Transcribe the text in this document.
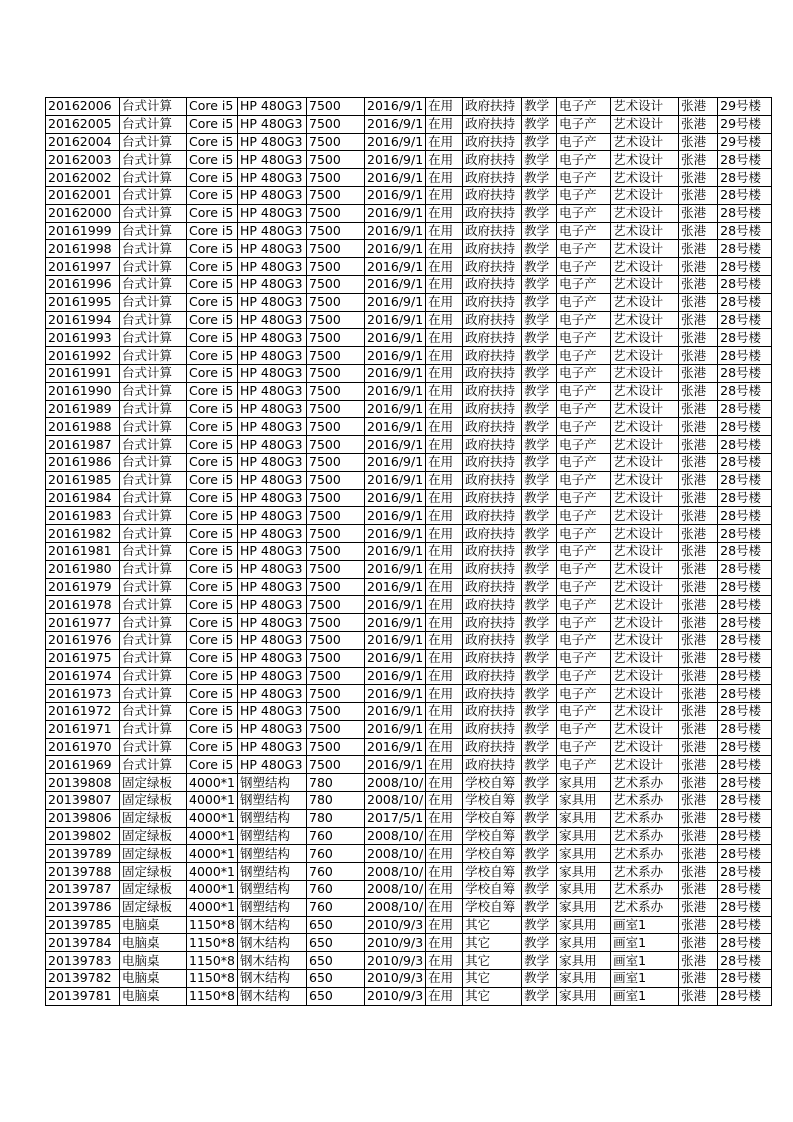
20162006	台式计算	Core i5	HP 480G3	7500	2016/9/1	在用	政府扶持	教学	电子产	艺术设计	张港	29号楼
20162005	台式计算	Core i5	HP 480G3	7500	2016/9/1	在用	政府扶持	教学	电子产	艺术设计	张港	29号楼
20162004	台式计算	Core i5	HP 480G3	7500	2016/9/1	在用	政府扶持	教学	电子产	艺术设计	张港	29号楼
20162003	台式计算	Core i5	HP 480G3	7500	2016/9/1	在用	政府扶持	教学	电子产	艺术设计	张港	28号楼
20162002	台式计算	Core i5	HP 480G3	7500	2016/9/1	在用	政府扶持	教学	电子产	艺术设计	张港	28号楼
20162001	台式计算	Core i5	HP 480G3	7500	2016/9/1	在用	政府扶持	教学	电子产	艺术设计	张港	28号楼
20162000	台式计算	Core i5	HP 480G3	7500	2016/9/1	在用	政府扶持	教学	电子产	艺术设计	张港	28号楼
20161999	台式计算	Core i5	HP 480G3	7500	2016/9/1	在用	政府扶持	教学	电子产	艺术设计	张港	28号楼
20161998	台式计算	Core i5	HP 480G3	7500	2016/9/1	在用	政府扶持	教学	电子产	艺术设计	张港	28号楼
20161997	台式计算	Core i5	HP 480G3	7500	2016/9/1	在用	政府扶持	教学	电子产	艺术设计	张港	28号楼
20161996	台式计算	Core i5	HP 480G3	7500	2016/9/1	在用	政府扶持	教学	电子产	艺术设计	张港	28号楼
20161995	台式计算	Core i5	HP 480G3	7500	2016/9/1	在用	政府扶持	教学	电子产	艺术设计	张港	28号楼
20161994	台式计算	Core i5	HP 480G3	7500	2016/9/1	在用	政府扶持	教学	电子产	艺术设计	张港	28号楼
20161993	台式计算	Core i5	HP 480G3	7500	2016/9/1	在用	政府扶持	教学	电子产	艺术设计	张港	28号楼
20161992	台式计算	Core i5	HP 480G3	7500	2016/9/1	在用	政府扶持	教学	电子产	艺术设计	张港	28号楼
20161991	台式计算	Core i5	HP 480G3	7500	2016/9/1	在用	政府扶持	教学	电子产	艺术设计	张港	28号楼
20161990	台式计算	Core i5	HP 480G3	7500	2016/9/1	在用	政府扶持	教学	电子产	艺术设计	张港	28号楼
20161989	台式计算	Core i5	HP 480G3	7500	2016/9/1	在用	政府扶持	教学	电子产	艺术设计	张港	28号楼
20161988	台式计算	Core i5	HP 480G3	7500	2016/9/1	在用	政府扶持	教学	电子产	艺术设计	张港	28号楼
20161987	台式计算	Core i5	HP 480G3	7500	2016/9/1	在用	政府扶持	教学	电子产	艺术设计	张港	28号楼
20161986	台式计算	Core i5	HP 480G3	7500	2016/9/1	在用	政府扶持	教学	电子产	艺术设计	张港	28号楼
20161985	台式计算	Core i5	HP 480G3	7500	2016/9/1	在用	政府扶持	教学	电子产	艺术设计	张港	28号楼
20161984	台式计算	Core i5	HP 480G3	7500	2016/9/1	在用	政府扶持	教学	电子产	艺术设计	张港	28号楼
20161983	台式计算	Core i5	HP 480G3	7500	2016/9/1	在用	政府扶持	教学	电子产	艺术设计	张港	28号楼
20161982	台式计算	Core i5	HP 480G3	7500	2016/9/1	在用	政府扶持	教学	电子产	艺术设计	张港	28号楼
20161981	台式计算	Core i5	HP 480G3	7500	2016/9/1	在用	政府扶持	教学	电子产	艺术设计	张港	28号楼
20161980	台式计算	Core i5	HP 480G3	7500	2016/9/1	在用	政府扶持	教学	电子产	艺术设计	张港	28号楼
20161979	台式计算	Core i5	HP 480G3	7500	2016/9/1	在用	政府扶持	教学	电子产	艺术设计	张港	28号楼
20161978	台式计算	Core i5	HP 480G3	7500	2016/9/1	在用	政府扶持	教学	电子产	艺术设计	张港	28号楼
20161977	台式计算	Core i5	HP 480G3	7500	2016/9/1	在用	政府扶持	教学	电子产	艺术设计	张港	28号楼
20161976	台式计算	Core i5	HP 480G3	7500	2016/9/1	在用	政府扶持	教学	电子产	艺术设计	张港	28号楼
20161975	台式计算	Core i5	HP 480G3	7500	2016/9/1	在用	政府扶持	教学	电子产	艺术设计	张港	28号楼
20161974	台式计算	Core i5	HP 480G3	7500	2016/9/1	在用	政府扶持	教学	电子产	艺术设计	张港	28号楼
20161973	台式计算	Core i5	HP 480G3	7500	2016/9/1	在用	政府扶持	教学	电子产	艺术设计	张港	28号楼
20161972	台式计算	Core i5	HP 480G3	7500	2016/9/1	在用	政府扶持	教学	电子产	艺术设计	张港	28号楼
20161971	台式计算	Core i5	HP 480G3	7500	2016/9/1	在用	政府扶持	教学	电子产	艺术设计	张港	28号楼
20161970	台式计算	Core i5	HP 480G3	7500	2016/9/1	在用	政府扶持	教学	电子产	艺术设计	张港	28号楼
20161969	台式计算	Core i5	HP 480G3	7500	2016/9/1	在用	政府扶持	教学	电子产	艺术设计	张港	28号楼
20139808	固定绿板	4000*1	钢塑结构	780	2008/10/	在用	学校自筹	教学	家具用	艺术系办	张港	28号楼
20139807	固定绿板	4000*1	钢塑结构	780	2008/10/	在用	学校自筹	教学	家具用	艺术系办	张港	28号楼
20139806	固定绿板	4000*1	钢塑结构	780	2017/5/1	在用	学校自筹	教学	家具用	艺术系办	张港	28号楼
20139802	固定绿板	4000*1	钢塑结构	760	2008/10/	在用	学校自筹	教学	家具用	艺术系办	张港	28号楼
20139789	固定绿板	4000*1	钢塑结构	760	2008/10/	在用	学校自筹	教学	家具用	艺术系办	张港	28号楼
20139788	固定绿板	4000*1	钢塑结构	760	2008/10/	在用	学校自筹	教学	家具用	艺术系办	张港	28号楼
20139787	固定绿板	4000*1	钢塑结构	760	2008/10/	在用	学校自筹	教学	家具用	艺术系办	张港	28号楼
20139786	固定绿板	4000*1	钢塑结构	760	2008/10/	在用	学校自筹	教学	家具用	艺术系办	张港	28号楼
20139785	电脑桌	1150*8	钢木结构	650	2010/9/3	在用	其它	教学	家具用	画室1	张港	28号楼
20139784	电脑桌	1150*8	钢木结构	650	2010/9/3	在用	其它	教学	家具用	画室1	张港	28号楼
20139783	电脑桌	1150*8	钢木结构	650	2010/9/3	在用	其它	教学	家具用	画室1	张港	28号楼
20139782	电脑桌	1150*8	钢木结构	650	2010/9/3	在用	其它	教学	家具用	画室1	张港	28号楼
20139781	电脑桌	1150*8	钢木结构	650	2010/9/3	在用	其它	教学	家具用	画室1	张港	28号楼
